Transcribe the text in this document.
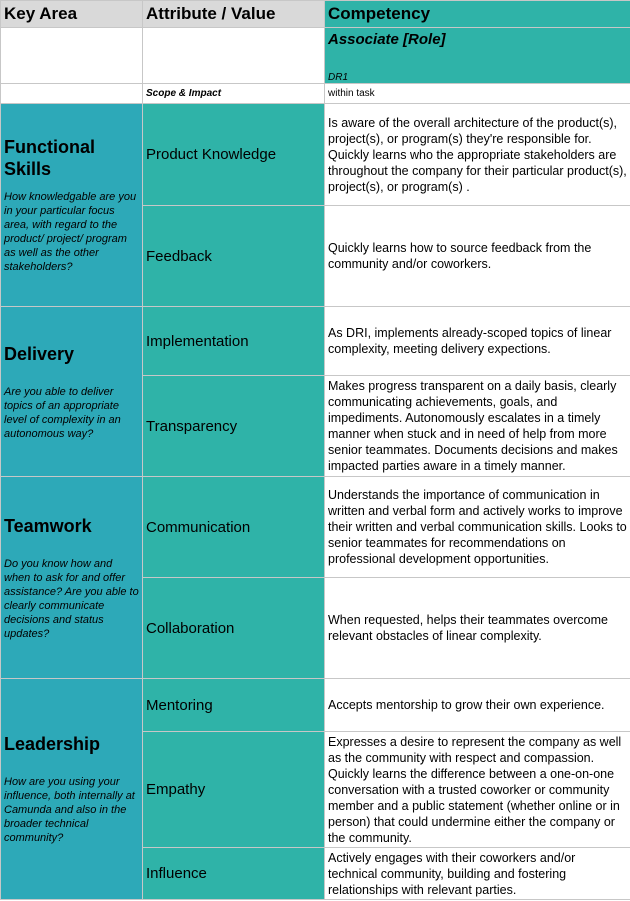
Key Area	Attribute / Value	Competency

		Associate [Role]
DR1

	Scope & Impact	within task

Functional Skills
How knowledgable are you in your particular focus area, with regard to the product/ project/ program as well as the other stakeholders?	Product Knowledge	Is aware of the overall architecture of the product(s), project(s), or program(s) they're responsible for. Quickly learns who the appropriate stakeholders are throughout the company for their particular product(s), project(s), or program(s) .
	Feedback	Quickly learns how to source feedback from the community and/or coworkers.

Delivery
Are you able to deliver topics of an appropriate level of complexity in an autonomous way?	Implementation	As DRI, implements already-scoped topics of linear complexity, meeting delivery expections.
	Transparency	Makes progress transparent on a daily basis, clearly communicating achievements, goals, and impediments. Autonomously escalates in a timely manner when stuck and in need of help from more senior teammates. Documents decisions and makes impacted parties aware in a timely manner.

Teamwork
Do you know how and when to ask for and offer assistance? Are you able to clearly communicate decisions and status updates?	Communication	Understands the importance of communication in written and verbal form and actively works to improve their written and verbal communication skills. Looks to senior teammates for recommendations on professional development opportunities.
	Collaboration	When requested, helps their teammates overcome relevant obstacles of linear complexity.

Leadership
How are you using your influence, both internally at Camunda and also in the broader technical community?	Mentoring	Accepts mentorship to grow their own experience.
	Empathy	Expresses a desire to represent the company as well as the community with respect and compassion. Quickly learns the difference between a one-on-one conversation with a trusted coworker or community member and a public statement (whether online or in person) that could undermine either the company or the community.
	Influence	Actively engages with their coworkers and/or technical community, building and fostering relationships with relevant parties.
